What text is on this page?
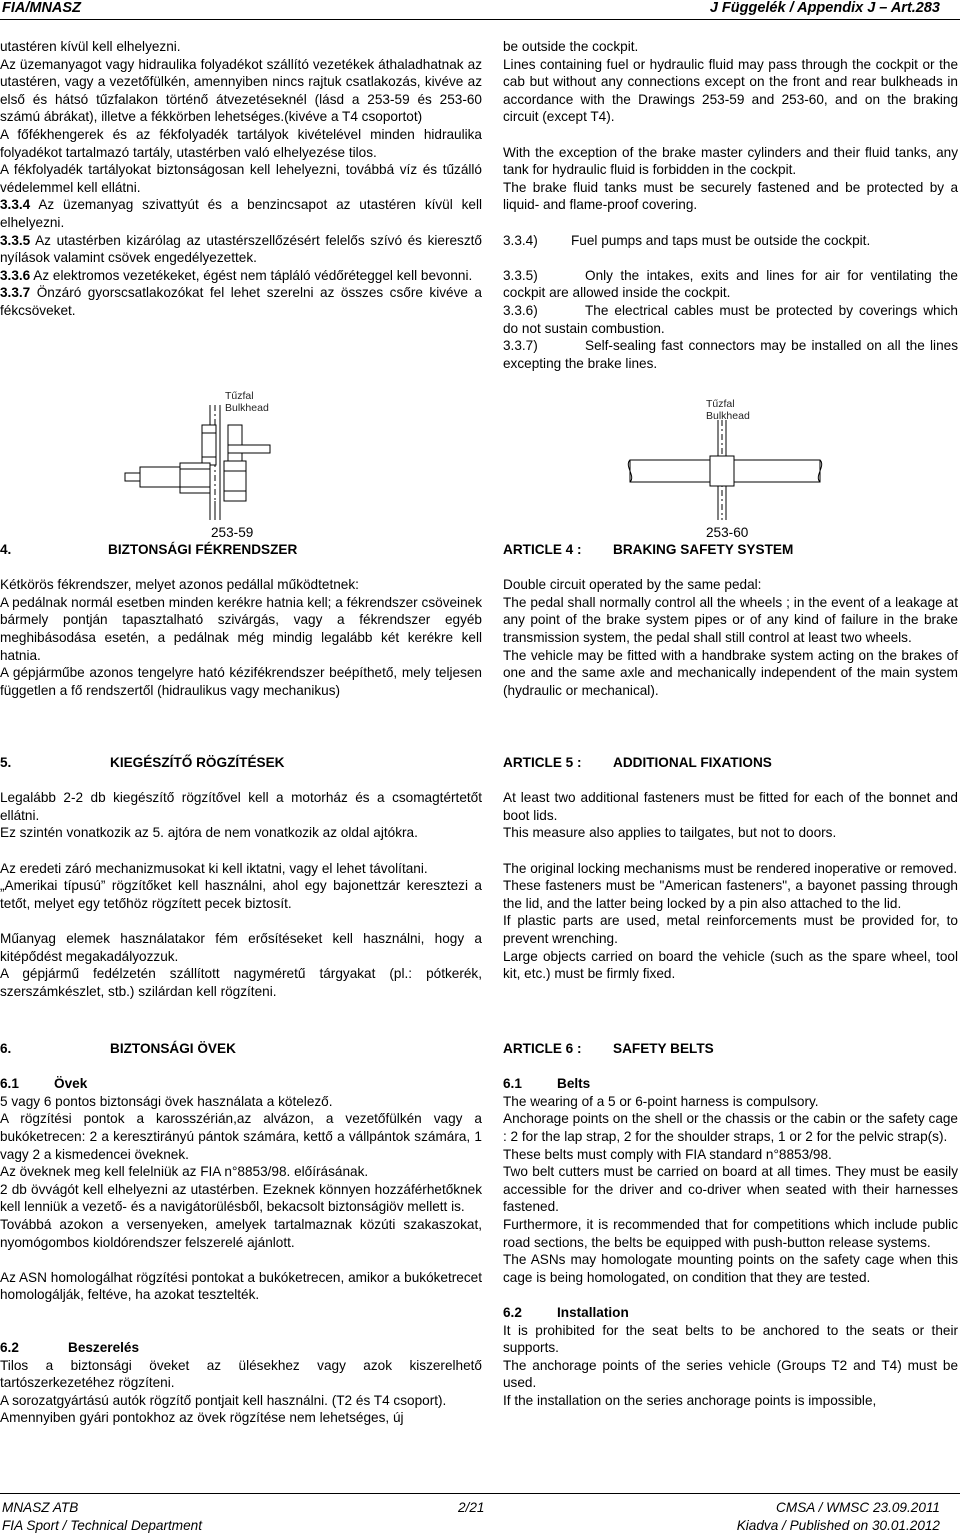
FIA/MNASZ	J Függelék / Appendix J – Art.283

utastéren kívül kell elhelyezni.

Az üzemanyagot vagy hidraulika folyadékot szállító vezetékek áthaladhatnak az utastéren, vagy a vezetőfülkén, amennyiben nincs rajtuk csatlakozás, kivéve az első és hátsó tűzfalakon történő átvezetéseknél (lásd a 253-59 és 253-60 számú ábrákat), illetve a fékkörben lehetséges.(kivéve a T4 csoportot)

A főfékhengerek és az fékfolyadék tartályok kivételével minden hidraulika folyadékot tartalmazó tartály, utastérben való elhelyezése tilos.

A fékfolyadék tartályokat biztonságosan kell lehelyezni, továbbá víz és tűzálló védelemmel kell ellátni.

3.3.4 Az üzemanyag szivattyút és a benzincsapot az utastéren kívül kell elhelyezni.

3.3.5 Az utastérben kizárólag az utastérszellőzésért felelős szívó és kieresztő nyílások valamint csövek engedélyezettek.

3.3.6 Az elektromos vezetékeket, égést nem tápláló védőréteggel kell bevonni.

3.3.7 Önzáró gyorscsatlakozókat fel lehet szerelni az összes csőre kivéve a fékcsöveket.

be outside the cockpit.

Lines containing fuel or hydraulic fluid may pass through the cockpit or the cab but without any connections except on the front and rear bulkheads in accordance with the Drawings 253-59 and 253-60, and on the braking circuit (except T4).

With the exception of the brake master cylinders and their fluid tanks, any tank for hydraulic fluid is forbidden in the cockpit.

The brake fluid tanks must be securely fastened and be protected by a liquid- and flame-proof covering.

3.3.4) Fuel pumps and taps must be outside the cockpit.

3.3.5)	Only the intakes, exits and lines for air for ventilating the cockpit are allowed inside the cockpit.

3.3.6)	The electrical cables must be protected by coverings which do not sustain combustion.

3.3.7)	Self-sealing fast connectors may be installed on all the lines excepting the brake lines.

Tűzfal
Bulkhead
253-59
Tűzfal
Bulkhead
253-60

4.	BIZTONSÁGI FÉKRENDSZER

Kétkörös fékrendszer, melyet azonos pedállal működtetnek:

A pedálnak normál esetben minden kerékre hatnia kell; a fékrendszer csöveinek bármely pontján tapasztalható szivárgás, vagy a fékrendszer egyéb meghibásodása esetén, a pedálnak még mindig legalább két kerékre kell hatnia.

A gépjárműbe azonos tengelyre ható kézifékrendszer beépíthető, mely teljesen független a fő rendszertől (hidraulikus vagy mechanikus)

ARTICLE 4 : BRAKING SAFETY SYSTEM

Double circuit operated by the same pedal:

The pedal shall normally control all the wheels ; in the event of a leakage at any point of the brake system pipes or of any kind of failure in the brake transmission system, the pedal shall still control at least two wheels.

The vehicle may be fitted with a handbrake system acting on the brakes of one and the same axle and mechanically independent of the main system (hydraulic or mechanical).

5.	KIEGÉSZÍTŐ RÖGZÍTÉSEK

Legalább 2-2 db kiegészítő rögzítővel kell a motorház és a csomagtértetőt ellátni.

Ez szintén vonatkozik az 5. ajtóra de nem vonatkozik az oldal ajtókra.

Az eredeti záró mechanizmusokat ki kell iktatni, vagy el lehet távolítani.

„Amerikai típusú” rögzítőket kell használni, ahol egy bajonettzár keresztezi a tetőt, melyet egy tetőhöz rögzített pecek biztosít.

Műanyag elemek használatakor fém erősítéseket kell használni, hogy a kitépődést megakadályozzuk.

A gépjármű fedélzetén szállított nagyméretű tárgyakat (pl.: pótkerék, szerszámkészlet, stb.) szilárdan kell rögzíteni.

ARTICLE 5 : ADDITIONAL FIXATIONS

At least two additional fasteners must be fitted for each of the bonnet and boot lids.

This measure also applies to tailgates, but not to doors.

The original locking mechanisms must be rendered inoperative or removed.

These fasteners must be "American fasteners", a bayonet passing through the lid, and the latter being locked by a pin also attached to the lid.

If plastic parts are used, metal reinforcements must be provided for, to prevent wrenching.

Large objects carried on board the vehicle (such as the spare wheel, tool kit, etc.) must be firmly fixed.

6.	BIZTONSÁGI ÖVEK

6.1	Övek

5 vagy 6 pontos biztonsági övek használata a kötelező.

A rögzítési pontok a karosszérián,az alvázon, a vezetőfülkén vagy a bukóketrecen: 2 a keresztirányú pántok számára, kettő a vállpántok számára, 1 vagy 2 a kismedencei öveknek.

Az öveknek meg kell felelniük az FIA n°8853/98. előírásának.

2 db övvágót kell elhelyezni az utastérben. Ezeknek könnyen hozzáférhetőknek kell lenniük a vezető- és a navigátorülésből, bekacsolt biztonságiöv mellett is.

Továbbá azokon a versenyeken, amelyek tartalmaznak közúti szakaszokat, nyomógombos kioldórendszer felszerelé ajánlott.

Az ASN homologálhat rögzítési pontokat a bukóketrecen, amikor a bukóketrecet homologálják, feltéve, ha azokat tesztelték.

6.2	Beszerelés

Tilos a biztonsági öveket az ülésekhez vagy azok kiszerelhető tartószerkezetéhez rögzíteni.

A sorozatgyártású autók rögzítő pontjait kell használni. (T2 és T4 csoport).

Amennyiben gyári pontokhoz az övek rögzítése nem lehetséges, új

ARTICLE 6 : SAFETY BELTS

6.1	Belts

The wearing of a 5 or 6-point harness is compulsory.

Anchorage points on the shell or the chassis or the cabin or the safety cage : 2 for the lap strap, 2 for the shoulder straps, 1 or 2 for the pelvic strap(s).

These belts must comply with FIA standard n°8853/98.

Two belt cutters must be carried on board at all times. They must be easily accessible for the driver and co-driver when seated with their harnesses fastened.

Furthermore, it is recommended that for competitions which include public road sections, the belts be equipped with push-button release systems.

The ASNs may homologate mounting points on the safety cage when this cage is being homologated, on condition that they are tested.

6.2	Installation

It is prohibited for the seat belts to be anchored to the seats or their supports.

The anchorage points of the series vehicle (Groups T2 and T4) must be used.

If the installation on the series anchorage points is impossible,

MNASZ ATB
FIA Sport / Technical Department
2/21	CMSA / WMSC 23.09.2011
Kiadva / Published on 30.01.2012
